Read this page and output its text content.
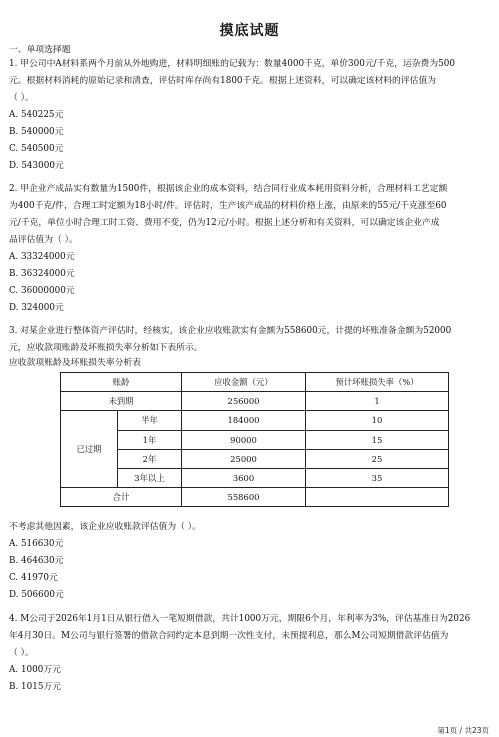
摸底试题
一、单项选择题
1. 甲公司中A材料系两个月前从外地购进，材料明细账的记载为：数量4000千克，单价300元/千克，运杂费为500
元。根据材料消耗的原始记录和清查，评估时库存尚有1800千克。根据上述资料，可以确定该材料的评估值为
（ ）。
A. 540225元
B. 540000元
C. 540500元
D. 543000元
2. 甲企业产成品实有数量为1500件，根据该企业的成本资料，结合同行业成本耗用资料分析，合理材料工艺定额
为400千克/件，合理工时定额为18小时/件。评估时，生产该产成品的材料价格上涨，由原来的55元/千克涨至60
元/千克，单位小时合理工时工资、费用不变，仍为12元/小时。根据上述分析和有关资料，可以确定该企业产成
品评估值为（ ）。
A. 33324000元
B. 36324000元
C. 36000000元
D. 324000元
3. 对某企业进行整体资产评估时，经核实，该企业应收账款实有金额为558600元，计提的坏账准备金额为52000
元，应收款项账龄及坏账损失率分析如下表所示。
应收款项账龄及坏账损失率分析表
账龄		应收金额（元）	预计坏账损失率（%）
未到期		256000	1
已过期	半年	184000	10
	1年	90000	15
	2年	25000	25
	3年以上	3600	35
合计		558600	
不考虑其他因素，该企业应收账款评估值为（ ）。
A. 516630元
B. 464630元
C. 41970元
D. 506600元
4. M公司于2026年1月1日从银行借入一笔短期借款，共计1000万元，期限6个月，年利率为3%，评估基准日为2026
年4月30日。M公司与银行签署的借款合同约定本息到期一次性支付，未预提利息，那么M公司短期借款评估值为
（ ）。
A. 1000万元
B. 1015万元
第1页 / 共23页
